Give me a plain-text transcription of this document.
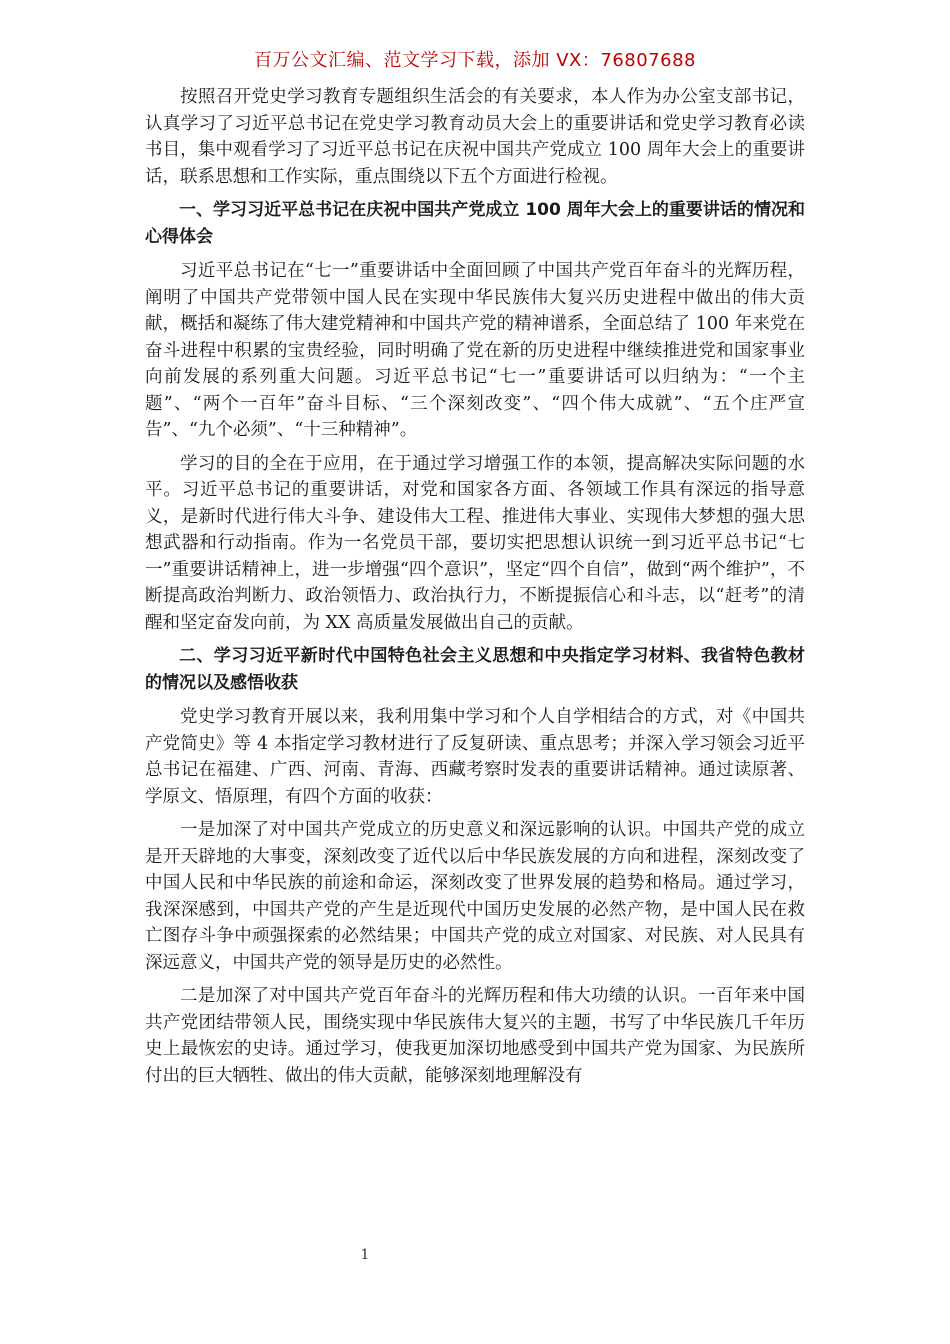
百万公文汇编、范文学习下载，添加 VX：76807688

按照召开党史学习教育专题组织生活会的有关要求，本人作为办公室支部书记，认真学习了习近平总书记在党史学习教育动员大会上的重要讲话和党史学习教育必读书目，集中观看学习了习近平总书记在庆祝中国共产党成立 100 周年大会上的重要讲话，联系思想和工作实际，重点围绕以下五个方面进行检视。

一、学习习近平总书记在庆祝中国共产党成立 100 周年大会上的重要讲话的情况和心得体会

习近平总书记在“七一”重要讲话中全面回顾了中国共产党百年奋斗的光辉历程，阐明了中国共产党带领中国人民在实现中华民族伟大复兴历史进程中做出的伟大贡献，概括和凝练了伟大建党精神和中国共产党的精神谱系，全面总结了 100 年来党在奋斗进程中积累的宝贵经验，同时明确了党在新的历史进程中继续推进党和国家事业向前发展的系列重大问题。习近平总书记“七一”重要讲话可以归纳为：“一个主题”、“两个一百年”奋斗目标、“三个深刻改变”、“四个伟大成就”、“五个庄严宣告”、“九个必须”、“十三种精神”。

学习的目的全在于应用，在于通过学习增强工作的本领，提高解决实际问题的水平。习近平总书记的重要讲话，对党和国家各方面、各领域工作具有深远的指导意义，是新时代进行伟大斗争、建设伟大工程、推进伟大事业、实现伟大梦想的强大思想武器和行动指南。作为一名党员干部，要切实把思想认识统一到习近平总书记“七一”重要讲话精神上，进一步增强“四个意识”，坚定“四个自信”，做到“两个维护”，不断提高政治判断力、政治领悟力、政治执行力，不断提振信心和斗志，以“赶考”的清醒和坚定奋发向前，为 XX 高质量发展做出自己的贡献。

二、学习习近平新时代中国特色社会主义思想和中央指定学习材料、我省特色教材的情况以及感悟收获

党史学习教育开展以来，我利用集中学习和个人自学相结合的方式，对《中国共产党简史》等 4 本指定学习教材进行了反复研读、重点思考；并深入学习领会习近平总书记在福建、广西、河南、青海、西藏考察时发表的重要讲话精神。通过读原著、学原文、悟原理，有四个方面的收获：

一是加深了对中国共产党成立的历史意义和深远影响的认识。中国共产党的成立是开天辟地的大事变，深刻改变了近代以后中华民族发展的方向和进程，深刻改变了中国人民和中华民族的前途和命运，深刻改变了世界发展的趋势和格局。通过学习，我深深感到，中国共产党的产生是近现代中国历史发展的必然产物，是中国人民在救亡图存斗争中顽强探索的必然结果；中国共产党的成立对国家、对民族、对人民具有深远意义，中国共产党的领导是历史的必然性。

二是加深了对中国共产党百年奋斗的光辉历程和伟大功绩的认识。一百年来中国共产党团结带领人民，围绕实现中华民族伟大复兴的主题，书写了中华民族几千年历史上最恢宏的史诗。通过学习，使我更加深切地感受到中国共产党为国家、为民族所付出的巨大牺牲、做出的伟大贡献，能够深刻地理解没有

1
